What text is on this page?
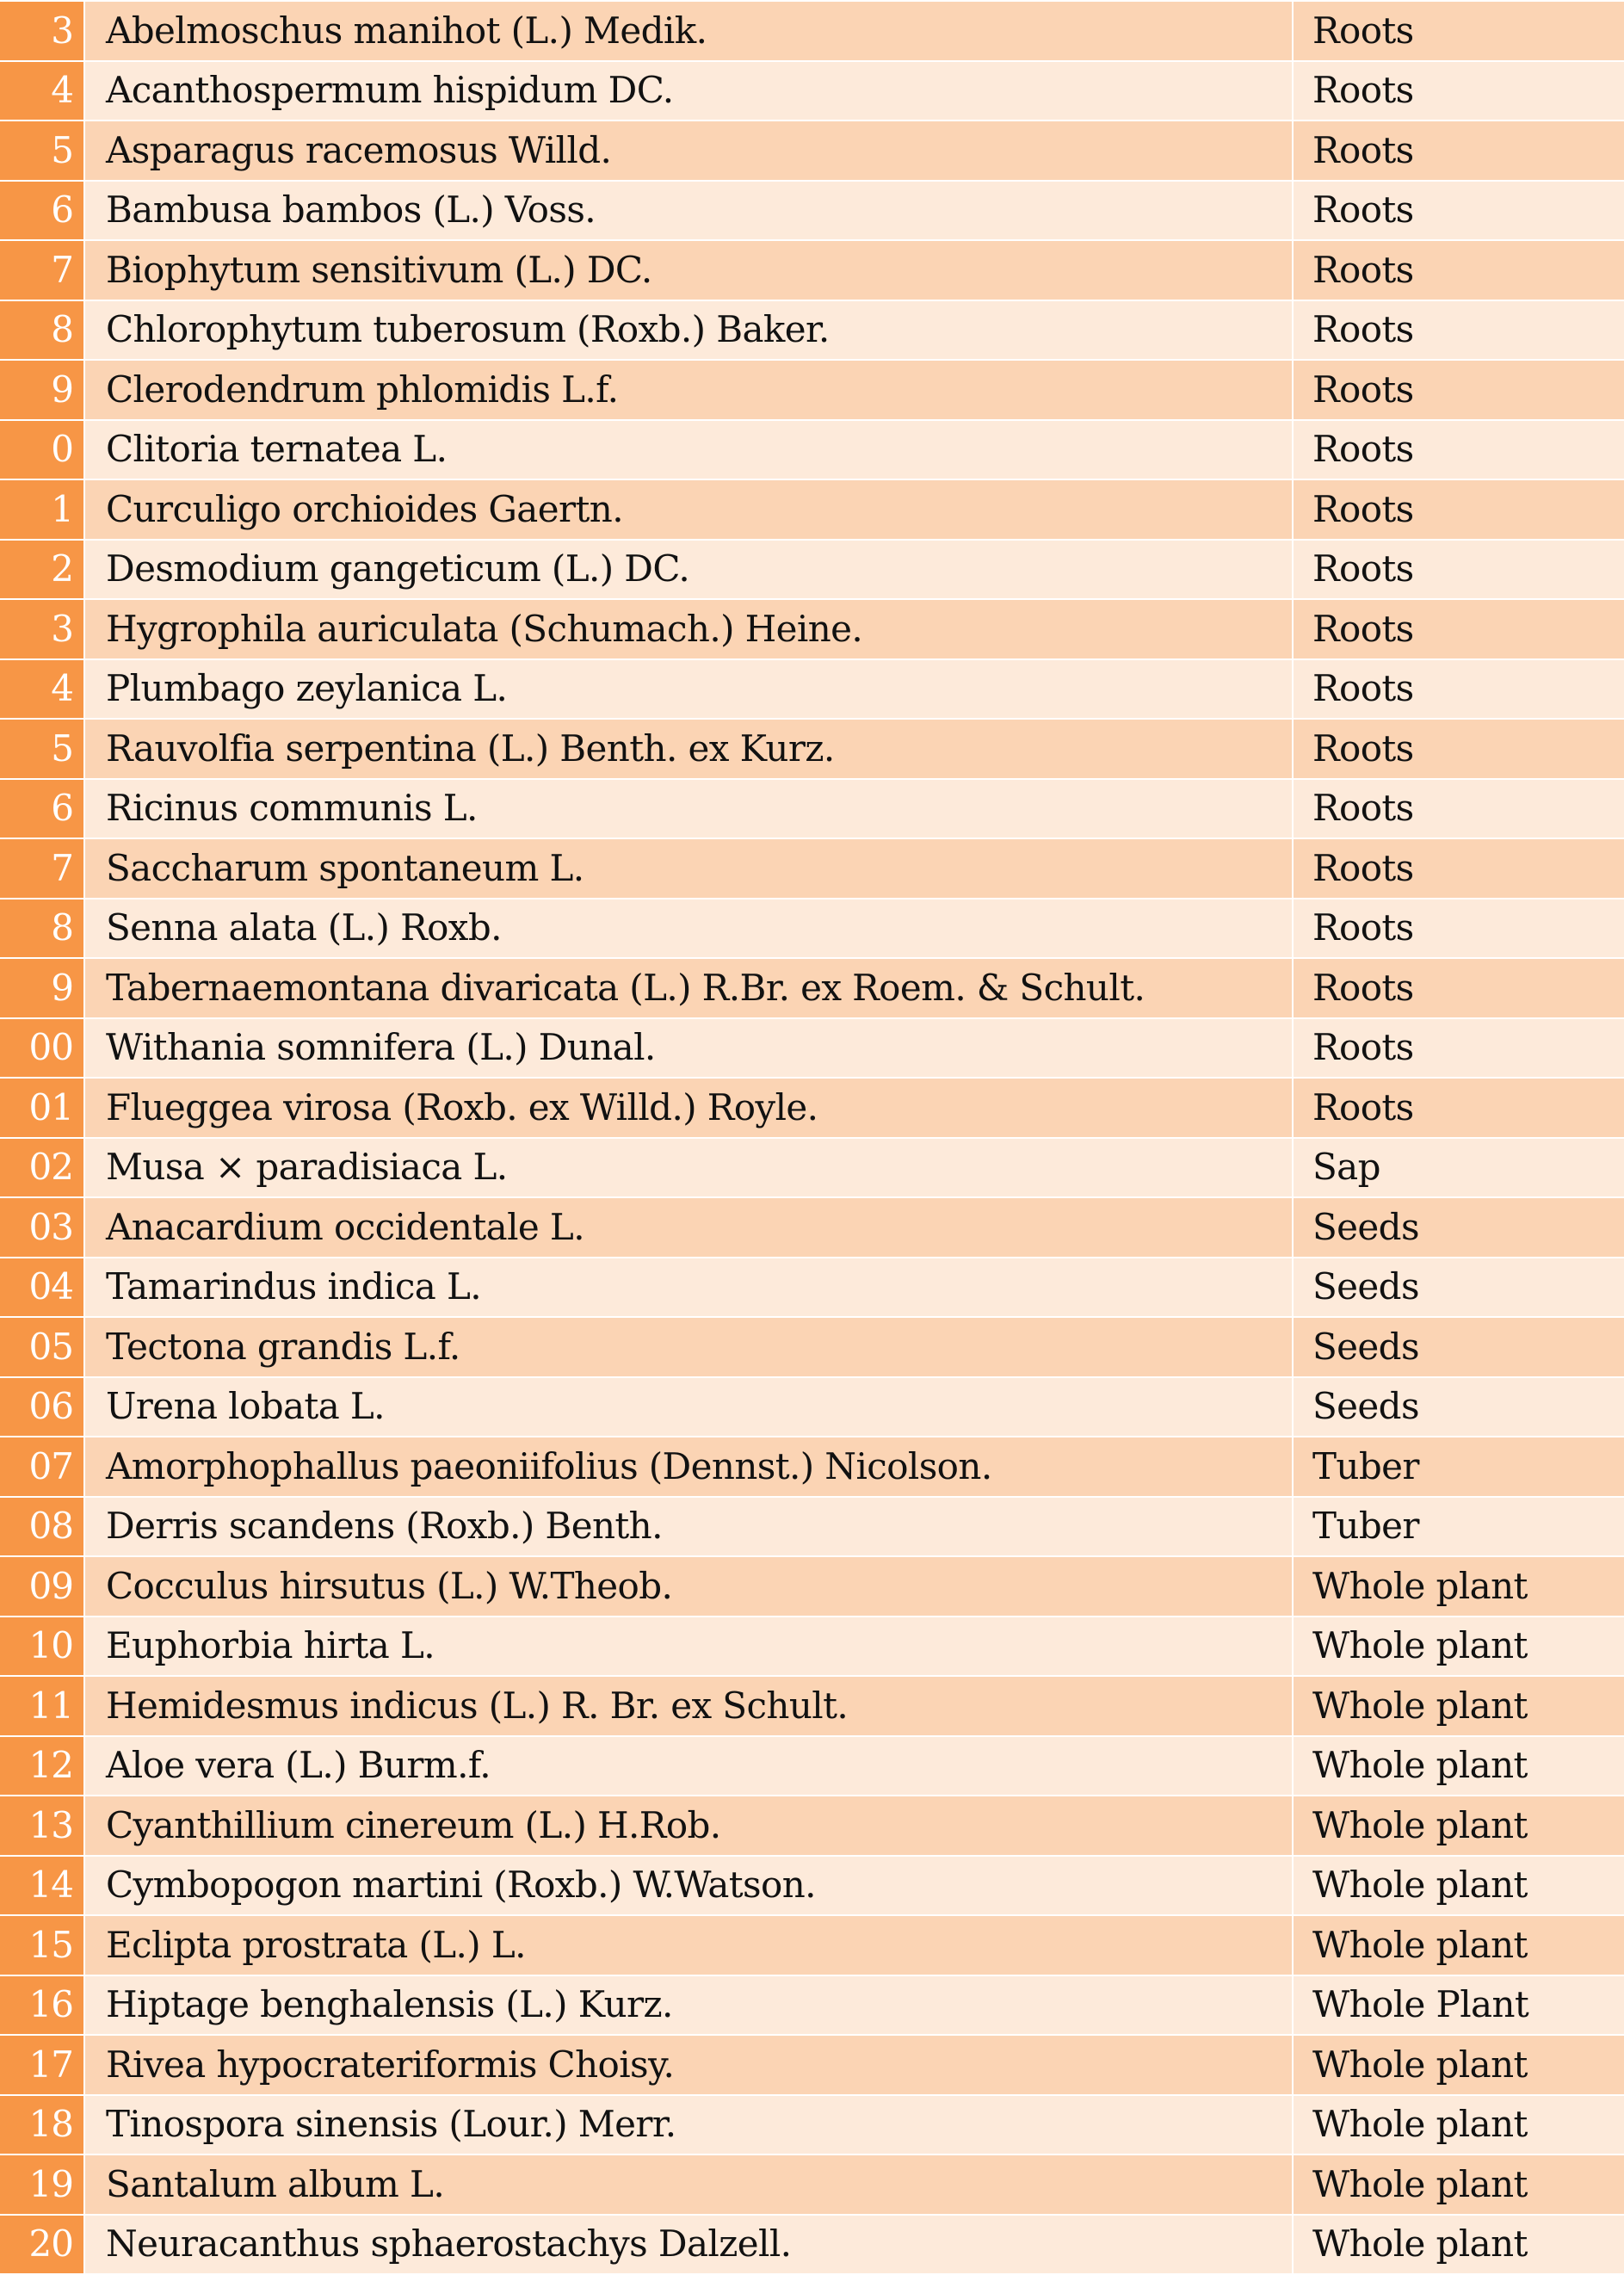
3	Abelmoschus manihot (L.) Medik.	Roots
4	Acanthospermum hispidum DC.	Roots
5	Asparagus racemosus Willd.	Roots
6	Bambusa bambos (L.) Voss.	Roots
7	Biophytum sensitivum (L.) DC.	Roots
8	Chlorophytum tuberosum (Roxb.) Baker.	Roots
9	Clerodendrum phlomidis L.f.	Roots
0	Clitoria ternatea L.	Roots
1	Curculigo orchioides Gaertn.	Roots
2	Desmodium gangeticum (L.) DC.	Roots
3	Hygrophila auriculata (Schumach.) Heine.	Roots
4	Plumbago zeylanica L.	Roots
5	Rauvolfia serpentina (L.) Benth. ex Kurz.	Roots
6	Ricinus communis L.	Roots
7	Saccharum spontaneum L.	Roots
8	Senna alata (L.) Roxb.	Roots
9	Tabernaemontana divaricata (L.) R.Br. ex Roem. & Schult.	Roots
00	Withania somnifera (L.) Dunal.	Roots
01	Flueggea virosa (Roxb. ex Willd.) Royle.	Roots
02	Musa × paradisiaca L.	Sap
03	Anacardium occidentale L.	Seeds
04	Tamarindus indica L.	Seeds
05	Tectona grandis L.f.	Seeds
06	Urena lobata L.	Seeds
07	Amorphophallus paeoniifolius (Dennst.) Nicolson.	Tuber
08	Derris scandens (Roxb.) Benth.	Tuber
09	Cocculus hirsutus (L.) W.Theob.	Whole plant
10	Euphorbia hirta L.	Whole plant
11	Hemidesmus indicus (L.) R. Br. ex Schult.	Whole plant
12	Aloe vera (L.) Burm.f.	Whole plant
13	Cyanthillium cinereum (L.) H.Rob.	Whole plant
14	Cymbopogon martini (Roxb.) W.Watson.	Whole plant
15	Eclipta prostrata (L.) L.	Whole plant
16	Hiptage benghalensis (L.) Kurz.	Whole Plant
17	Rivea hypocrateriformis Choisy.	Whole plant
18	Tinospora sinensis (Lour.) Merr.	Whole plant
19	Santalum album L.	Whole plant
20	Neuracanthus sphaerostachys Dalzell.	Whole plant
